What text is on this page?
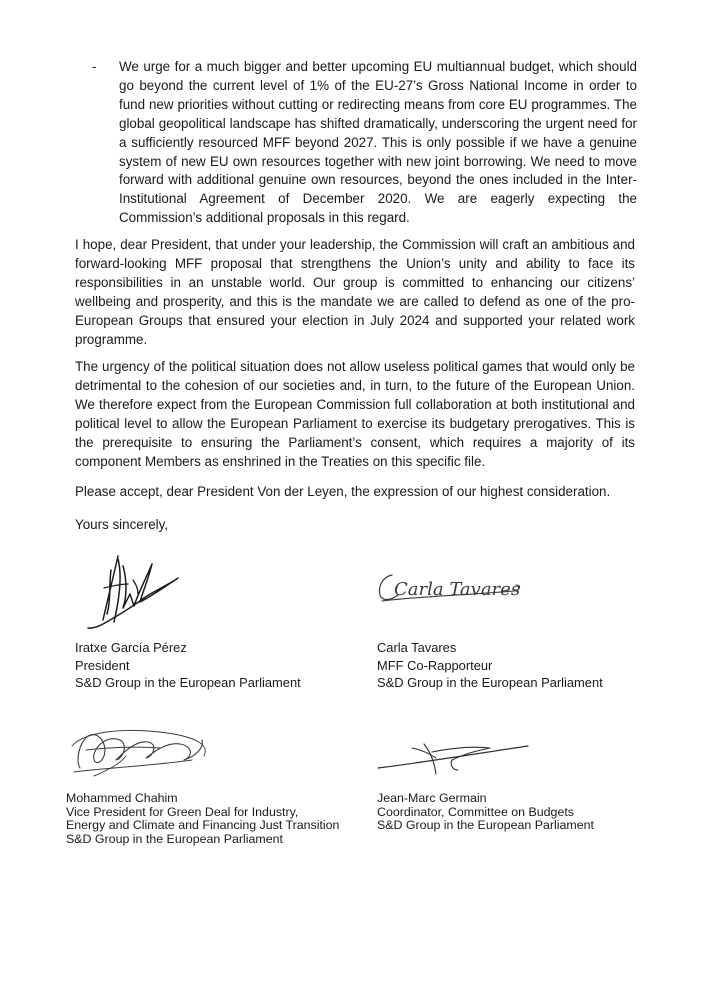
- We urge for a much bigger and better upcoming EU multiannual budget, which should go beyond the current level of 1% of the EU-27’s Gross National Income in order to fund new priorities without cutting or redirecting means from core EU programmes. The global geopolitical landscape has shifted dramatically, underscoring the urgent need for a sufficiently resourced MFF beyond 2027. This is only possible if we have a genuine system of new EU own resources together with new joint borrowing. We need to move forward with additional genuine own resources, beyond the ones included in the Inter-Institutional Agreement of December 2020. We are eagerly expecting the Commission’s additional proposals in this regard.

I hope, dear President, that under your leadership, the Commission will craft an ambitious and forward-looking MFF proposal that strengthens the Union’s unity and ability to face its responsibilities in an unstable world. Our group is committed to enhancing our citizens’ wellbeing and prosperity, and this is the mandate we are called to defend as one of the pro-European Groups that ensured your election in July 2024 and supported your related work programme.

The urgency of the political situation does not allow useless political games that would only be detrimental to the cohesion of our societies and, in turn, to the future of the European Union. We therefore expect from the European Commission full collaboration at both institutional and political level to allow the European Parliament to exercise its budgetary prerogatives. This is the prerequisite to ensuring the Parliament’s consent, which requires a majority of its component Members as enshrined in the Treaties on this specific file.

Please accept, dear President Von der Leyen, the expression of our highest consideration.

Yours sincerely,

Carla Tavares
Iratxe García Pérez
President
S&D Group in the European Parliament
Carla Tavares
MFF Co-Rapporteur
S&D Group in the European Parliament
Mohammed Chahim
Vice President for Green Deal for Industry,
Energy and Climate and Financing Just Transition
S&D Group in the European Parliament
Jean-Marc Germain
Coordinator, Committee on Budgets
S&D Group in the European Parliament
